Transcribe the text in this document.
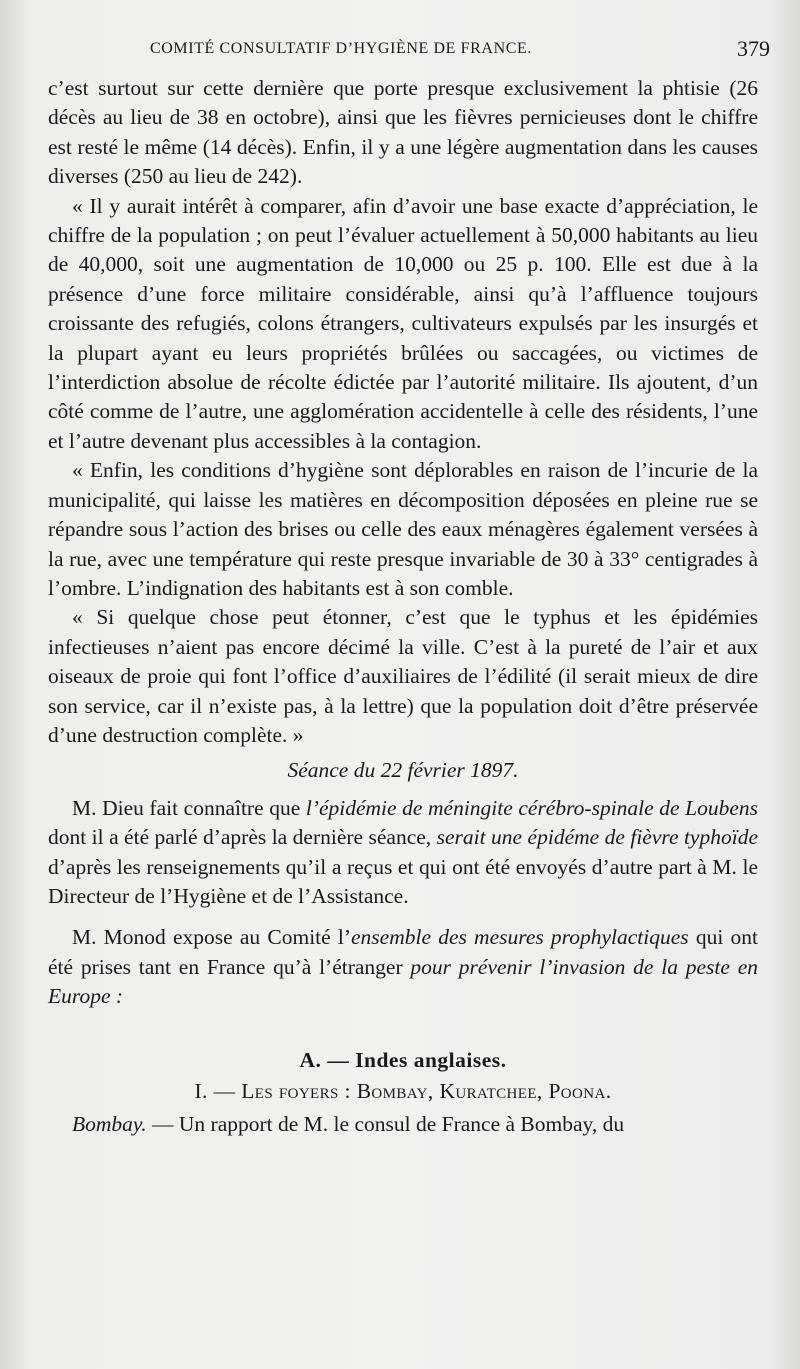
COMITÉ CONSULTATIF D’HYGIÈNE DE FRANCE.	379

c’est surtout sur cette dernière que porte presque exclusivement la phtisie (26 décès au lieu de 38 en octobre), ainsi que les fièvres pernicieuses dont le chiffre est resté le même (14 décès). Enfin, il y a une légère augmentation dans les causes diverses (250 au lieu de 242).

« Il y aurait intérêt à comparer, afin d’avoir une base exacte d’appréciation, le chiffre de la population ; on peut l’évaluer actuellement à 50,000 habitants au lieu de 40,000, soit une augmentation de 10,000 ou 25 p. 100. Elle est due à la présence d’une force militaire considérable, ainsi qu’à l’affluence toujours croissante des refugiés, colons étrangers, cultivateurs expulsés par les insurgés et la plupart ayant eu leurs propriétés brûlées ou saccagées, ou victimes de l’interdiction absolue de récolte édictée par l’autorité militaire. Ils ajoutent, d’un côté comme de l’autre, une agglomération accidentelle à celle des résidents, l’une et l’autre devenant plus accessibles à la contagion.

« Enfin, les conditions d’hygiène sont déplorables en raison de l’incurie de la municipalité, qui laisse les matières en décomposition déposées en pleine rue se répandre sous l’action des brises ou celle des eaux ménagères également versées à la rue, avec une température qui reste presque invariable de 30 à 33° centigrades à l’ombre. L’indignation des habitants est à son comble.

« Si quelque chose peut étonner, c’est que le typhus et les épidémies infectieuses n’aient pas encore décimé la ville. C’est à la pureté de l’air et aux oiseaux de proie qui font l’office d’auxiliaires de l’édilité (il serait mieux de dire son service, car il n’existe pas, à la lettre) que la population doit d’être préservée d’une destruction complète. »

Séance du 22 février 1897.

M. Dieu fait connaître que l’épidémie de méningite cérébro-spinale de Loubens dont il a été parlé d’après la dernière séance, serait une épidéme de fièvre typhoïde d’après les renseignements qu’il a reçus et qui ont été envoyés d’autre part à M. le Directeur de l’Hygiène et de l’Assistance.

M. Monod expose au Comité l’ensemble des mesures prophylactiques qui ont été prises tant en France qu’à l’étranger pour prévenir l’invasion de la peste en Europe :

A. — Indes anglaises.

I. — Les foyers : Bombay, Kuratchee, Poona.

Bombay. — Un rapport de M. le consul de France à Bombay, du
